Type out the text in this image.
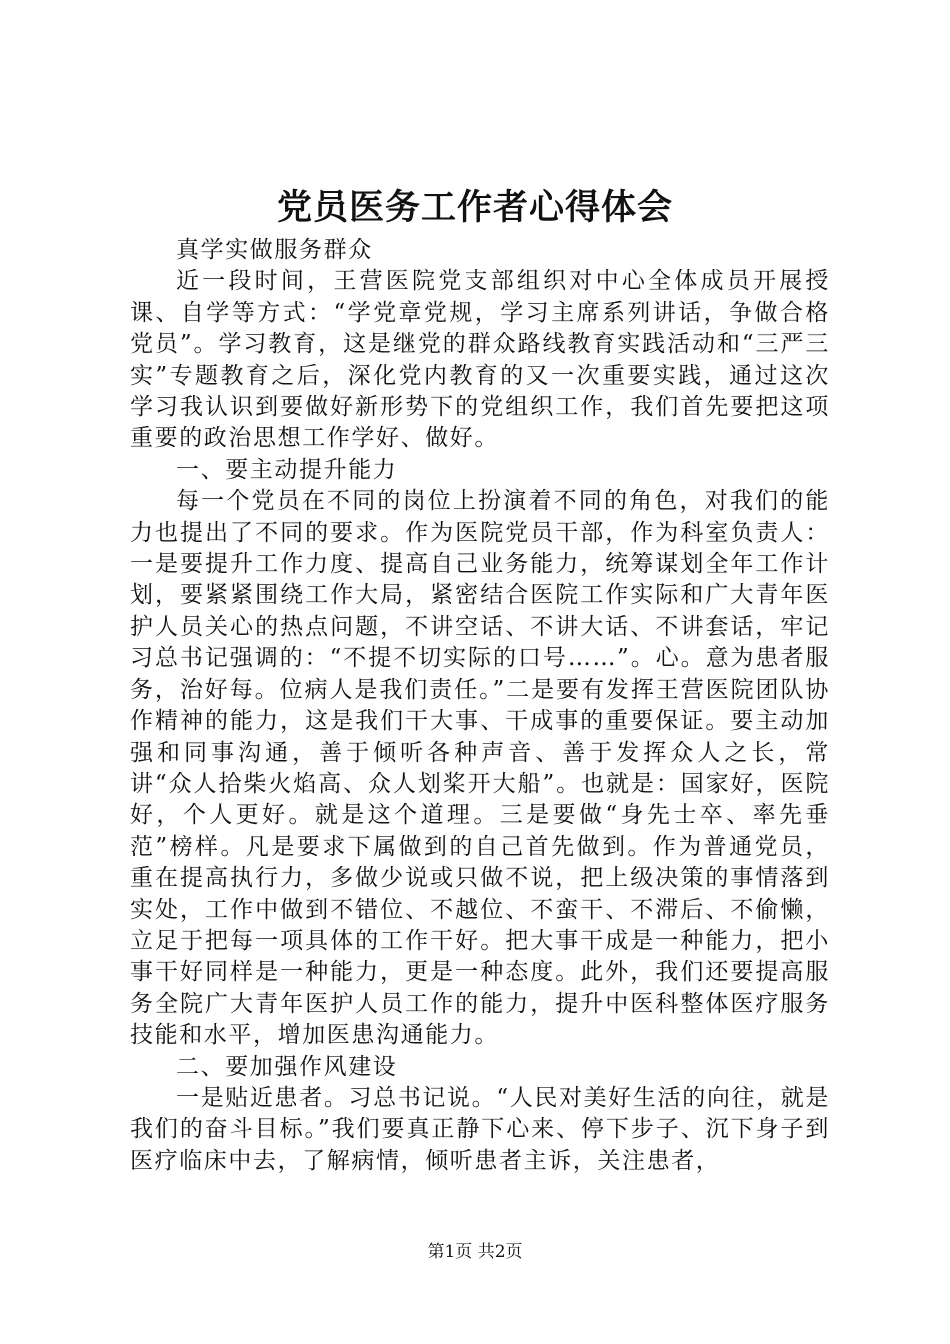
党员医务工作者心得体会

真学实做服务群众

近一段时间，王营医院党支部组织对中心全体成员开展授课、自学等方式：“学党章党规，学习主席系列讲话，争做合格党员”。学习教育，这是继党的群众路线教育实践活动和“三严三实”专题教育之后，深化党内教育的又一次重要实践，通过这次学习我认识到要做好新形势下的党组织工作，我们首先要把这项重要的政治思想工作学好、做好。

一、要主动提升能力

每一个党员在不同的岗位上扮演着不同的角色，对我们的能力也提出了不同的要求。作为医院党员干部，作为科室负责人：一是要提升工作力度、提高自己业务能力，统筹谋划全年工作计划，要紧紧围绕工作大局，紧密结合医院工作实际和广大青年医护人员关心的热点问题，不讲空话、不讲大话、不讲套话，牢记习总书记强调的：“不提不切实际的口号……”。心。意为患者服务，治好每。位病人是我们责任。”二是要有发挥王营医院团队协作精神的能力，这是我们干大事、干成事的重要保证。要主动加强和同事沟通，善于倾听各种声音、善于发挥众人之长，常讲“众人拾柴火焰高、众人划桨开大船”。也就是：国家好，医院好，个人更好。就是这个道理。三是要做“身先士卒、率先垂范”榜样。凡是要求下属做到的自己首先做到。作为普通党员，重在提高执行力，多做少说或只做不说，把上级决策的事情落到实处，工作中做到不错位、不越位、不蛮干、不滞后、不偷懒，立足于把每一项具体的工作干好。把大事干成是一种能力，把小事干好同样是一种能力，更是一种态度。此外，我们还要提高服务全院广大青年医护人员工作的能力，提升中医科整体医疗服务技能和水平，增加医患沟通能力。

二、要加强作风建设

一是贴近患者。习总书记说。“人民对美好生活的向往，就是我们的奋斗目标。”我们要真正静下心来、停下步子、沉下身子到医疗临床中去，了解病情，倾听患者主诉，关注患者，

第1页 共2页
